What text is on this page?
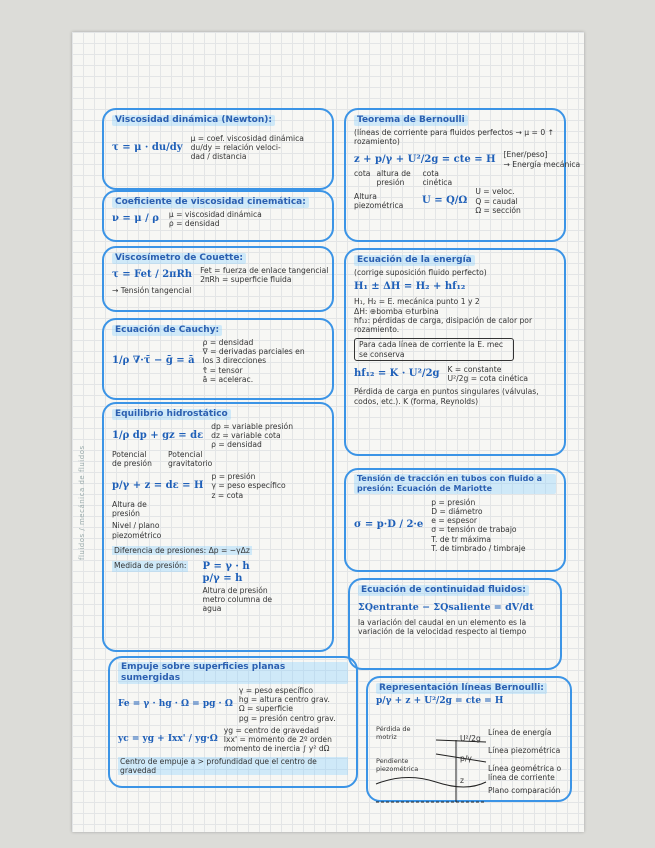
fluidos / mecánica de fluidos
Viscosidad dinámica (Newton):
τ = μ · du/dy
μ = coef. viscosidad dinámica
du/dy = relación veloci-
dad / distancia
Coeficiente de viscosidad cinemática:
ν = μ / ρ μ = viscosidad dinámica
ρ = densidad
Viscosímetro de Couette:
τ = Fet / 2πRh Fet = fuerza de enlace tangencial
2πRh = superficie fluida
→ Tensión tangencial
Ecuación de Cauchy:
1/ρ ∇·τ̄ − ḡ = ā
ρ = densidad
∇ = derivadas parciales en los 3 direcciones
τ̄ = tensor
ā = acelerac.
Equilibrio hidrostático
1/ρ dp + gz = dε
dp = variable presión
dz = variable cota
ρ = densidad
Potencial de presión
Potencial gravitatorio
p/γ + z = dε = H
p = presión
γ = peso específico
z = cota
Altura de presión
Nivel / plano piezométrico
Diferencia de presiones: Δp = −γΔz
Medida de presión: P = γ · h
p/γ = h
Altura de presión metro columna de agua
Empuje sobre superficies planas sumergidas
Fe = γ · hg · Ω = pg · Ω
γ = peso específico
hg = altura centro grav.
Ω = superficie
pg = presión centro grav.
yc = yg + Ixx' / yg·Ω
yg = centro de gravedad
Ixx' = momento de 2º orden momento de inercia ∫ y² dΩ
Centro de empuje a > profundidad que el centro de gravedad
Teorema de Bernoulli
(líneas de corriente para fluidos perfectos → μ = 0 ↑ rozamiento)
z + p/γ + U²/2g = cte = H [Ener/peso]
→ Energía mecánica
cota altura de presión
cota cinética
Altura piezométrica	U = Q/Ω
U = veloc.
Q = caudal
Ω = sección
Ecuación de la energía
(corrige suposición fluido perfecto)
H₁ ± ΔH = H₂ + hf₁₂
H₁, H₂ = E. mecánica punto 1 y 2
ΔH: ⊕bomba ⊖turbina
hf₁₂: pérdidas de carga, disipación de calor por rozamiento.
Para cada línea de corriente la E. mec se conserva
hf₁₂ = K · U²/2g K = constante
U²/2g = cota cinética
Pérdida de carga en puntos singulares (válvulas, codos, etc.). K (forma, Reynolds)
Tensión de tracción en tubos con fluido a presión: Ecuación de Mariotte
σ = p·D / 2·e
p = presión
D = diámetro
e = espesor
σ = tensión de trabajo
T. de tr máxima
T. de timbrado / timbraje
Ecuación de continuidad fluidos:
ΣQentrante − ΣQsaliente = dV/dt
la variación del caudal en un elemento es la variación de la velocidad respecto al tiempo
Representación líneas Bernoulli:
p/γ + z + U²/2g = cte = H
Pérdida de motriz
Pendiente piezométrica
U²/2g
p/γ
z
Línea de energía
Línea piezométrica
Línea geométrica o línea de corriente
Plano comparación
